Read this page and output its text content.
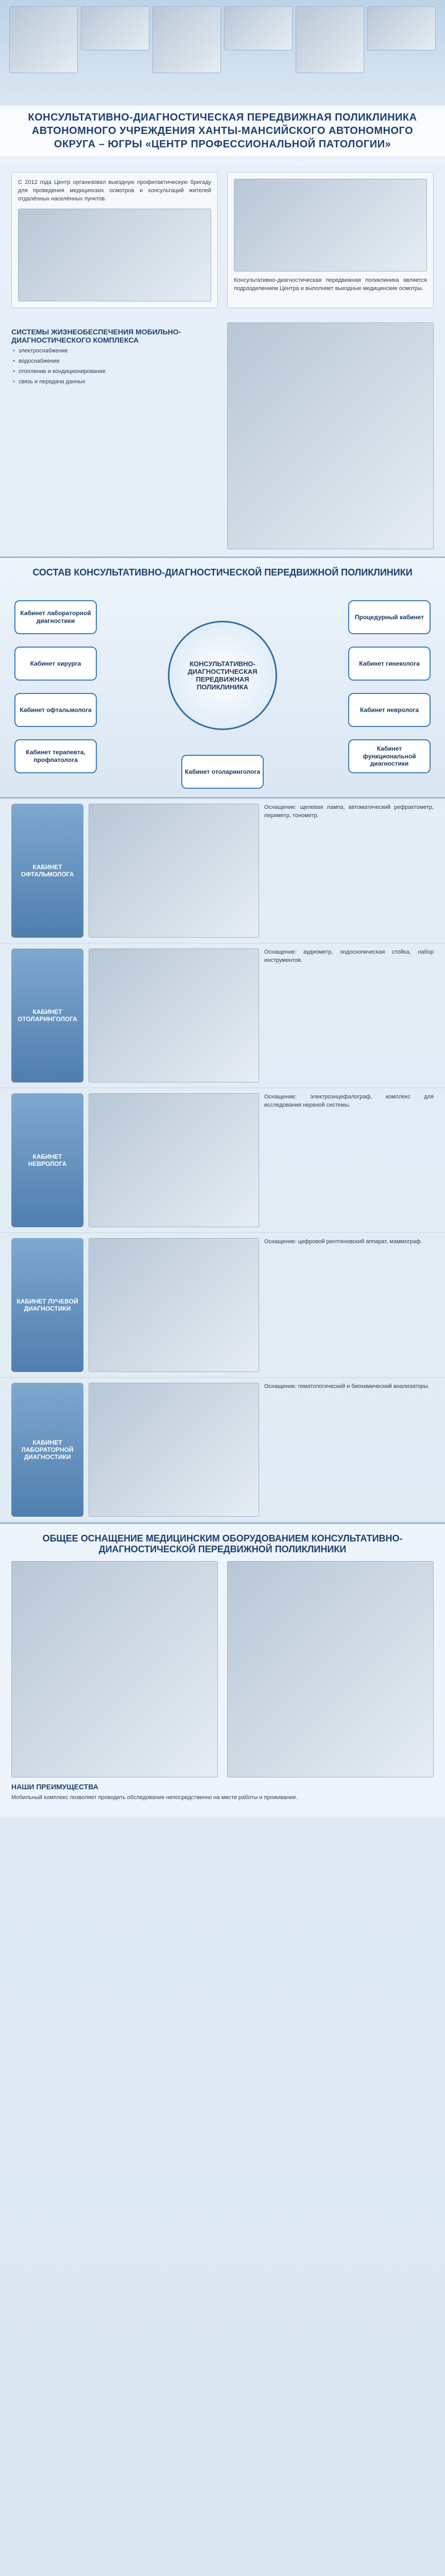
КОНСУЛЬТАТИВНО-ДИАГНОСТИЧЕСКАЯ ПЕРЕДВИЖНАЯ ПОЛИКЛИНИКА АВТОНОМНОГО УЧРЕЖДЕНИЯ ХАНТЫ-МАНСИЙСКОГО АВТОНОМНОГО ОКРУГА – ЮГРЫ «ЦЕНТР ПРОФЕССИОНАЛЬНОЙ ПАТОЛОГИИ»

С 2012 года Центр организовал выездную профилактическую бригаду для проведения медицинских осмотров и консультаций жителей отдалённых населённых пунктов.

Консультативно-диагностическая передвижная поликлиника является подразделением Центра и выполняет выездные медицинские осмотры.

СИСТЕМЫ ЖИЗНЕОБЕСПЕЧЕНИЯ МОБИЛЬНО-ДИАГНОСТИЧЕСКОГО КОМПЛЕКСА
• электроснабжение
• водоснабжение
• отопление и кондиционирование
• связь и передача данных
СОСТАВ КОНСУЛЬТАТИВНО-ДИАГНОСТИЧЕСКОЙ ПЕРЕДВИЖНОЙ ПОЛИКЛИНИКИ
КОНСУЛЬТАТИВНО-ДИАГНОСТИЧЕСКАЯ ПЕРЕДВИЖНАЯ ПОЛИКЛИНИКА
Кабинет лабораторной диагностики
Кабинет хирурга
Кабинет офтальмолога
Кабинет терапевта, профпатолога
Кабинет отоларинголога
Процедурный кабинет
Кабинет гинеколога
Кабинет невролога
Кабинет функциональной диагностики
КАБИНЕТ ОФТАЛЬМОЛОГА

Оснащение: щелевая лампа, автоматический рефрактометр, периметр, тонометр.

КАБИНЕТ ОТОЛАРИНГОЛОГА

Оснащение: аудиометр, эндоскопическая стойка, набор инструментов.

КАБИНЕТ НЕВРОЛОГА

Оснащение: электроэнцефалограф, комплекс для исследования нервной системы.

КАБИНЕТ ЛУЧЕВОЙ ДИАГНОСТИКИ

Оснащение: цифровой рентгеновский аппарат, маммограф.

КАБИНЕТ ЛАБОРАТОРНОЙ ДИАГНОСТИКИ

Оснащение: гематологический и биохимический анализаторы.

ОБЩЕЕ ОСНАЩЕНИЕ МЕДИЦИНСКИМ ОБОРУДОВАНИЕМ КОНСУЛЬТАТИВНО-ДИАГНОСТИЧЕСКОЙ ПЕРЕДВИЖНОЙ ПОЛИКЛИНИКИ
НАШИ ПРЕИМУЩЕСТВА

Мобильный комплекс позволяет проводить обследование непосредственно на месте работы и проживания.
